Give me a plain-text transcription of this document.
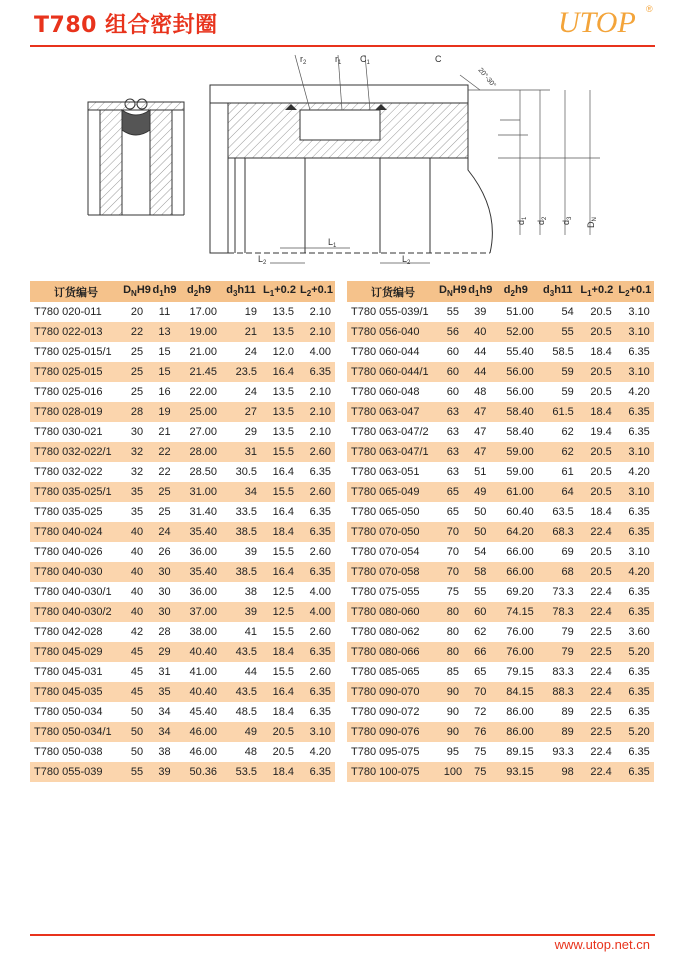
T780 组合密封圈	UTOP ®
$r_2$	$r_1$ $C_1$	C
20°-30°
$d_1$
$d_2$
$d_3$
$D_N$
$L_1$
$L_2$	$L_2$
订货编号	$D_NH9$	$d_1h9$	$d_2h9$	$d_3h11$	$L_1+0.2$	$L_2+0.1$
T780 020-011	20	11	17.00	19	13.5	2.10
T780 022-013	22	13	19.00	21	13.5	2.10
T780 025-015/1	25	15	21.00	24	12.0	4.00
T780 025-015	25	15	21.45	23.5	16.4	6.35
T780 025-016	25	16	22.00	24	13.5	2.10
T780 028-019	28	19	25.00	27	13.5	2.10
T780 030-021	30	21	27.00	29	13.5	2.10
T780 032-022/1	32	22	28.00	31	15.5	2.60
T780 032-022	32	22	28.50	30.5	16.4	6.35
T780 035-025/1	35	25	31.00	34	15.5	2.60
T780 035-025	35	25	31.40	33.5	16.4	6.35
T780 040-024	40	24	35.40	38.5	18.4	6.35
T780 040-026	40	26	36.00	39	15.5	2.60
T780 040-030	40	30	35.40	38.5	16.4	6.35
T780 040-030/1	40	30	36.00	38	12.5	4.00
T780 040-030/2	40	30	37.00	39	12.5	4.00
T780 042-028	42	28	38.00	41	15.5	2.60
T780 045-029	45	29	40.40	43.5	18.4	6.35
T780 045-031	45	31	41.00	44	15.5	2.60
T780 045-035	45	35	40.40	43.5	16.4	6.35
T780 050-034	50	34	45.40	48.5	18.4	6.35
T780 050-034/1	50	34	46.00	49	20.5	3.10
T780 050-038	50	38	46.00	48	20.5	4.20
T780 055-039	55	39	50.36	53.5	18.4	6.35
订货编号	$D_NH9$	$d_1h9$	$d_2h9$	$d_3h11$	$L_1+0.2$	$L_2+0.1$
T780 055-039/1	55	39	51.00	54	20.5	3.10
T780 056-040	56	40	52.00	55	20.5	3.10
T780 060-044	60	44	55.40	58.5	18.4	6.35
T780 060-044/1	60	44	56.00	59	20.5	3.10
T780 060-048	60	48	56.00	59	20.5	4.20
T780 063-047	63	47	58.40	61.5	18.4	6.35
T780 063-047/2	63	47	58.40	62	19.4	6.35
T780 063-047/1	63	47	59.00	62	20.5	3.10
T780 063-051	63	51	59.00	61	20.5	4.20
T780 065-049	65	49	61.00	64	20.5	3.10
T780 065-050	65	50	60.40	63.5	18.4	6.35
T780 070-050	70	50	64.20	68.3	22.4	6.35
T780 070-054	70	54	66.00	69	20.5	3.10
T780 070-058	70	58	66.00	68	20.5	4.20
T780 075-055	75	55	69.20	73.3	22.4	6.35
T780 080-060	80	60	74.15	78.3	22.4	6.35
T780 080-062	80	62	76.00	79	22.5	3.60
T780 080-066	80	66	76.00	79	22.5	5.20
T780 085-065	85	65	79.15	83.3	22.4	6.35
T780 090-070	90	70	84.15	88.3	22.4	6.35
T780 090-072	90	72	86.00	89	22.5	6.35
T780 090-076	90	76	86.00	89	22.5	5.20
T780 095-075	95	75	89.15	93.3	22.4	6.35
T780 100-075	100	75	93.15	98	22.4	6.35
www.utop.net.cn
